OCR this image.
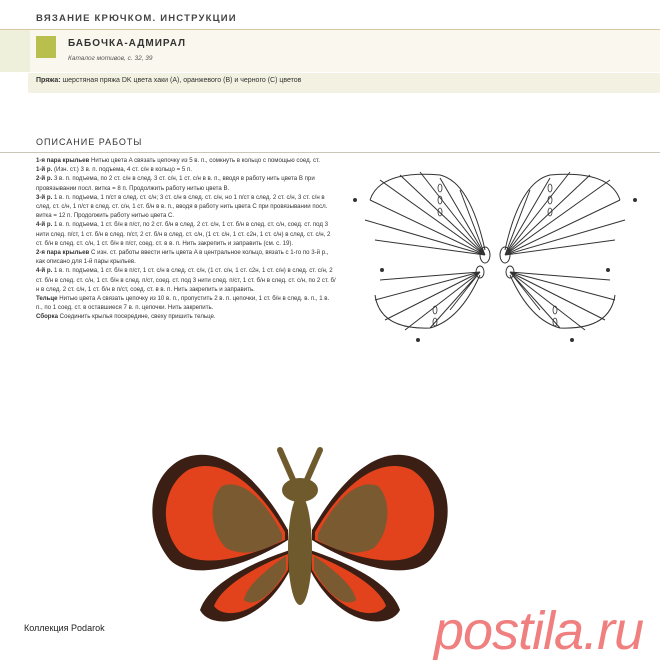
ВЯЗАНИЕ КРЮЧКОМ. ИНСТРУКЦИИ
БАБОЧКА-АДМИРАЛ
Каталог мотивов, с. 32, 39
Пряжа: шерстяная пряжа DK цвета хаки (A), оранжевого (B) и черного (C) цветов
ОПИСАНИЕ РАБОТЫ

1-я пара крыльев Нитью цвета A связать цепочку из 5 в. п., сомкнуть в кольцо с помощью соед. ст.

1-й р. (Изн. ст.) 3 в. п. подъема, 4 ст. с/н в кольцо = 5 п.

2-й р. 3 в. п. подъема, по 2 ст. с/н в след. 3 ст. с/н, 1 ст. с/н в в. п., вводя в работу нить цвета B при провязывании посл. витка = 8 п. Продолжить работу нитью цвета B.

3-й р. 1 в. п. подъема, 1 п/ст в след. ст. с/н; 3 ст. с/н в след. ст. с/н, но 1 п/ст в след. 2 ст. с/н, 3 ст. с/н в след. ст. с/н, 1 п/ст в след. ст. с/н, 1 ст. б/н в в. п., вводя в работу нить цвета C при провязывании посл. витка = 12 п. Продолжить работу нитью цвета C.

4-й р. 1 в. п. подъема, 1 ст. б/н в п/ст, по 2 ст. б/н в след. 2 ст. с/н, 1 ст. б/н в след. ст. с/н, соед. ст. под 3 нити след. п/ст, 1 ст. б/н в след. п/ст, 2 ст. б/н в след. ст. с/н, (1 ст. с/н, 1 ст. с2н, 1 ст. с/н) в след. ст. с/н, 2 ст. б/н в след. ст. с/н, 1 ст. б/н в п/ст, соед. ст. в в. п. Нить закрепить и заправить (см. с. 19).

2-я пара крыльев С изн. ст. работы ввести нить цвета A в центральное кольцо, вязать с 1-го по 3-й р., как описано для 1-й пары крыльев.

4-й р. 1 в. п. подъема, 1 ст. б/н в п/ст, 1 ст. с/н в след. ст. с/н, (1 ст. с/н, 1 ст. с2н, 1 ст. с/н) в след. ст. с/н, 2 ст. б/н в след. ст. с/н, 1 ст. б/н в след. п/ст, соед. ст. под 3 нити след. п/ст, 1 ст. б/н в след. ст. с/н, по 2 ст. б/н в след. 2 ст. с/н, 1 ст. б/н в п/ст, соед. ст. в в. п. Нить закрепить и заправить.

Тельце Нитью цвета A связать цепочку из 10 в. п., пропустить 2 в. п. цепочки, 1 ст. б/н в след. в. п., 1 в. п., по 1 соед. ст. в оставшиеся 7 в. п. цепочки. Нить закрепить.

Сборка Соединить крылья посередине, свеху пришить тельце.

Коллекция Podarok	postila.ru
